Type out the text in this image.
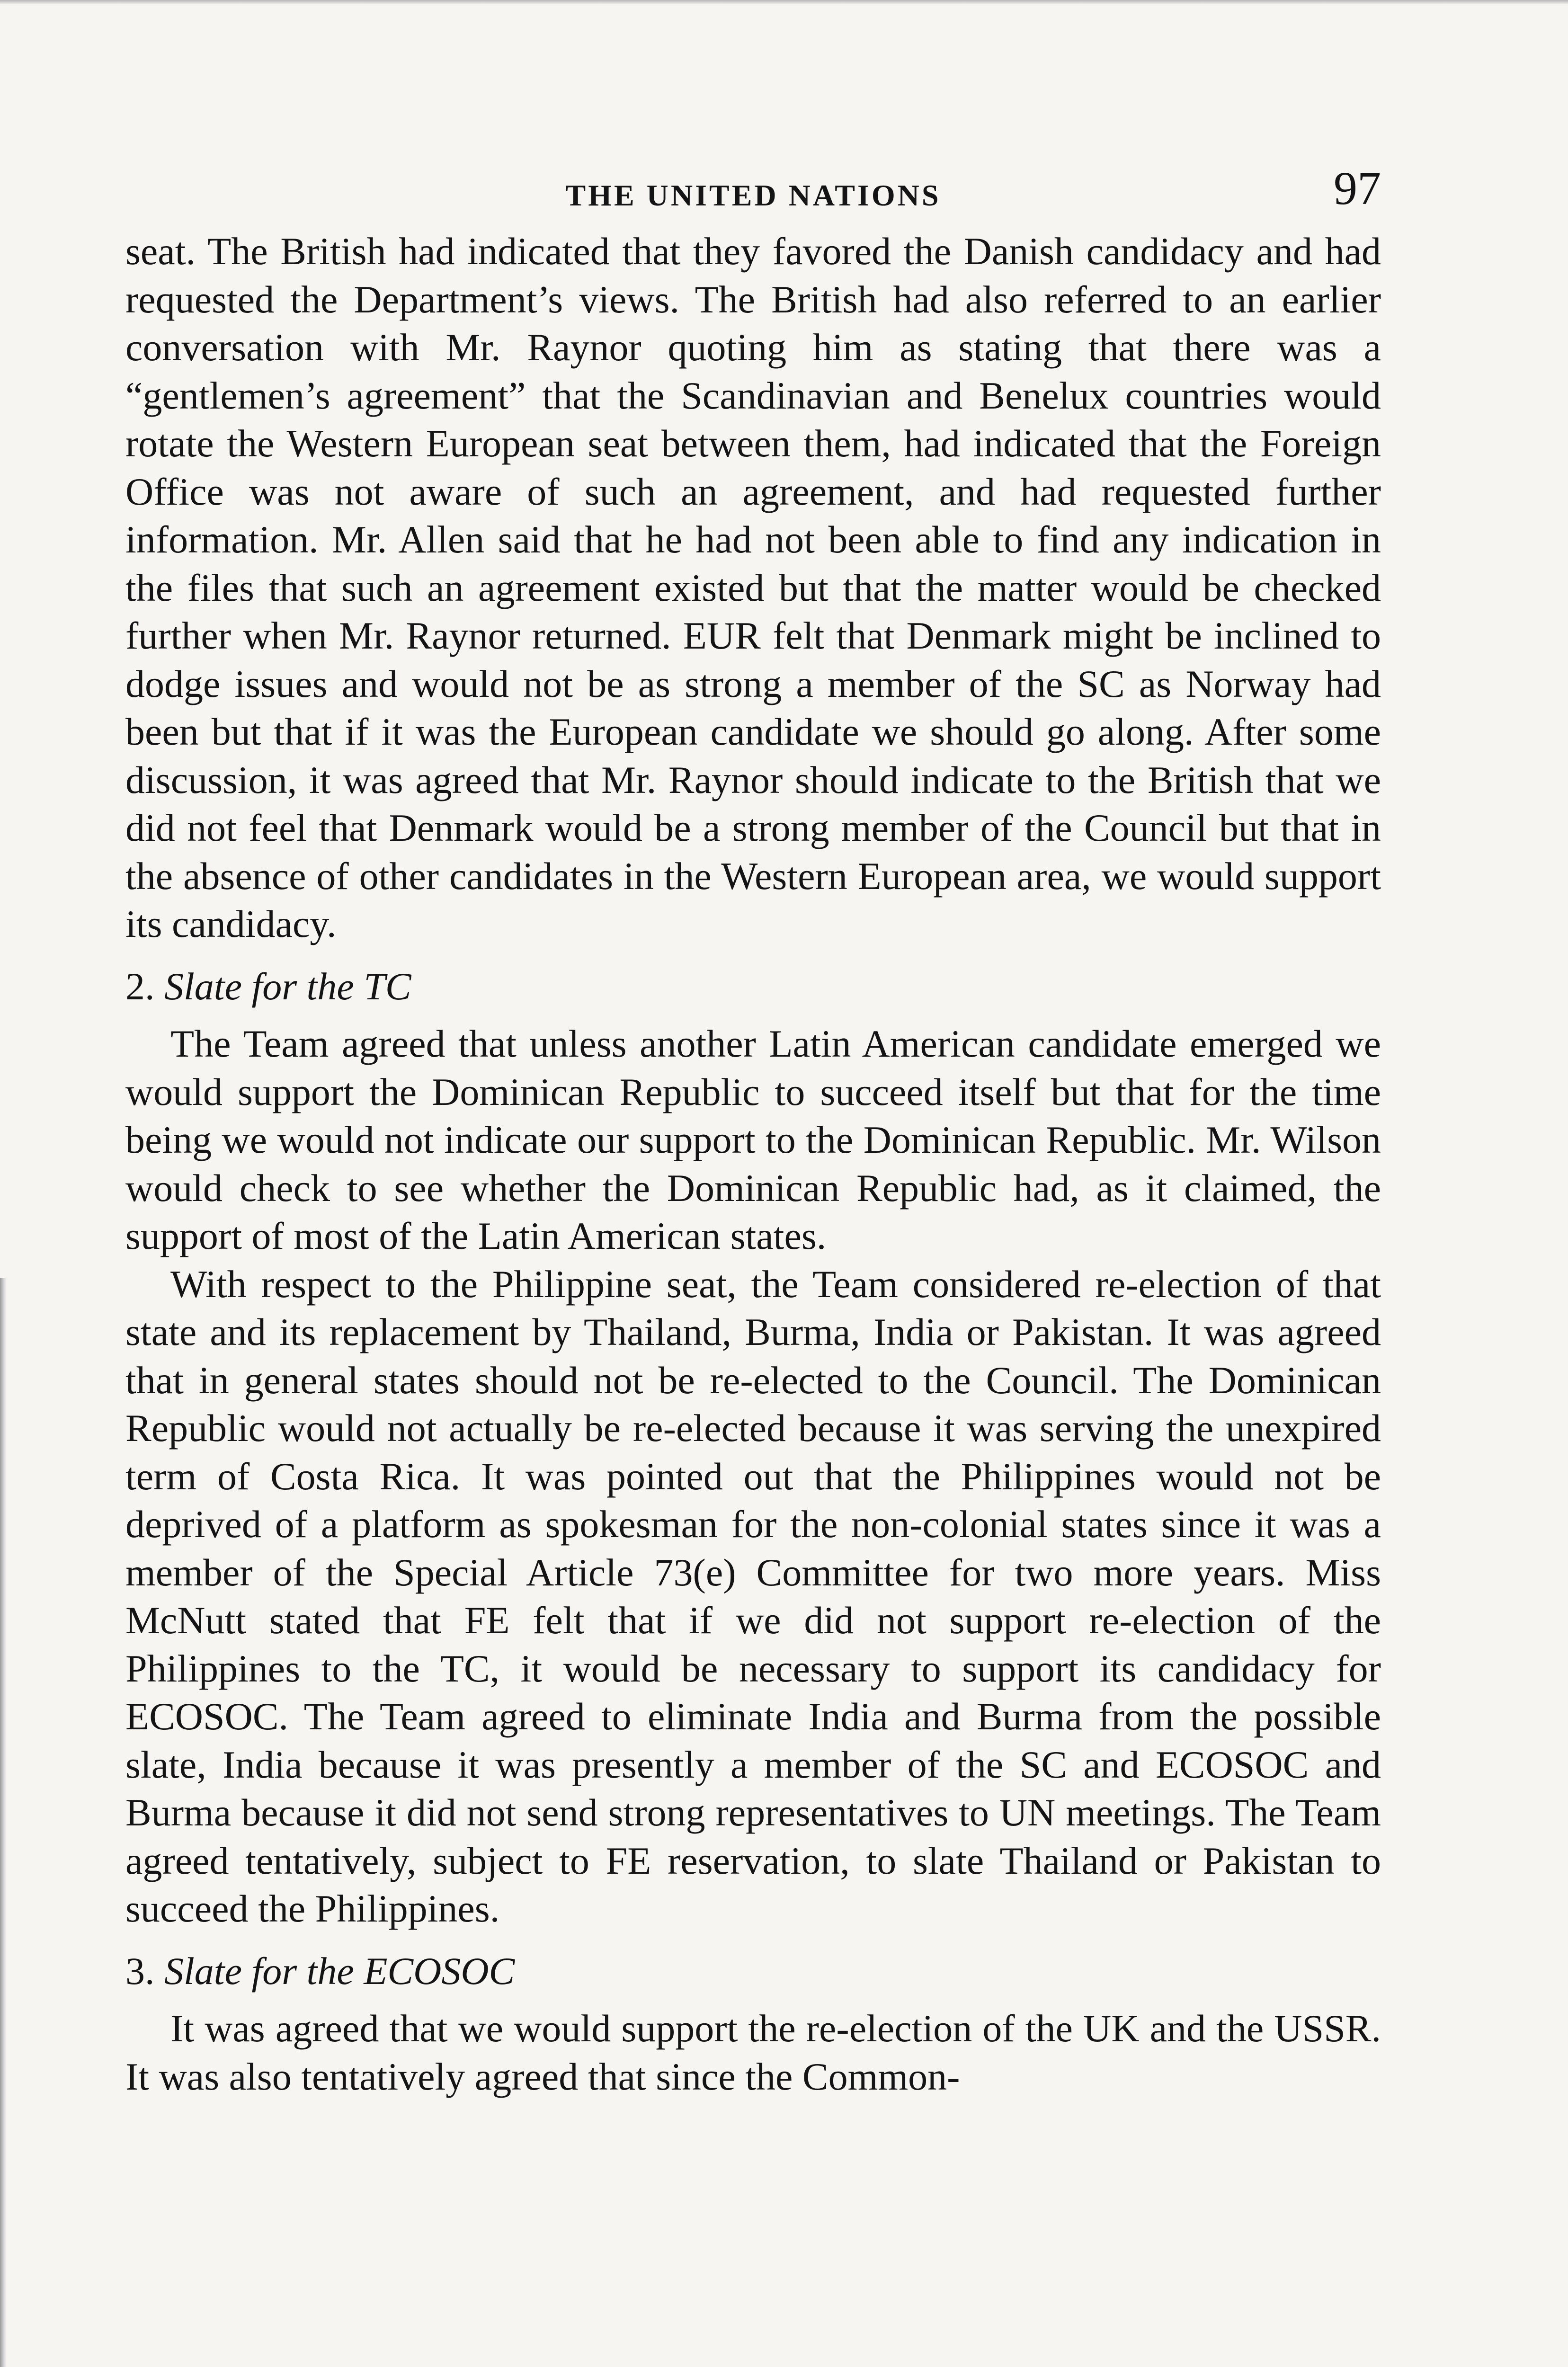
THE UNITED NATIONS	97

seat. The British had indicated that they favored the Danish candidacy and had requested the Department’s views. The British had also referred to an earlier conversation with Mr. Raynor quoting him as stating that there was a “gentlemen’s agreement” that the Scandinavian and Benelux countries would rotate the Western European seat between them, had indicated that the Foreign Office was not aware of such an agreement, and had requested further information. Mr. Allen said that he had not been able to find any indication in the files that such an agreement existed but that the matter would be checked further when Mr. Raynor returned. EUR felt that Denmark might be inclined to dodge issues and would not be as strong a member of the SC as Norway had been but that if it was the European candidate we should go along. After some discussion, it was agreed that Mr. Raynor should indicate to the British that we did not feel that Denmark would be a strong member of the Council but that in the absence of other candidates in the Western European area, we would support its candidacy.

2. Slate for the TC

The Team agreed that unless another Latin American candidate emerged we would support the Dominican Republic to succeed itself but that for the time being we would not indicate our support to the Dominican Republic. Mr. Wilson would check to see whether the Dominican Republic had, as it claimed, the support of most of the Latin American states.

With respect to the Philippine seat, the Team considered re-election of that state and its replacement by Thailand, Burma, India or Pakistan. It was agreed that in general states should not be re-elected to the Council. The Dominican Republic would not actually be re-elected because it was serving the unexpired term of Costa Rica. It was pointed out that the Philippines would not be deprived of a platform as spokesman for the non-colonial states since it was a member of the Special Article 73(e) Committee for two more years. Miss McNutt stated that FE felt that if we did not support re-election of the Philippines to the TC, it would be necessary to support its candidacy for ECOSOC. The Team agreed to eliminate India and Burma from the possible slate, India because it was presently a member of the SC and ECOSOC and Burma because it did not send strong representatives to UN meetings. The Team agreed tentatively, subject to FE reservation, to slate Thailand or Pakistan to succeed the Philippines.

3. Slate for the ECOSOC

It was agreed that we would support the re-election of the UK and the USSR. It was also tentatively agreed that since the Common-
